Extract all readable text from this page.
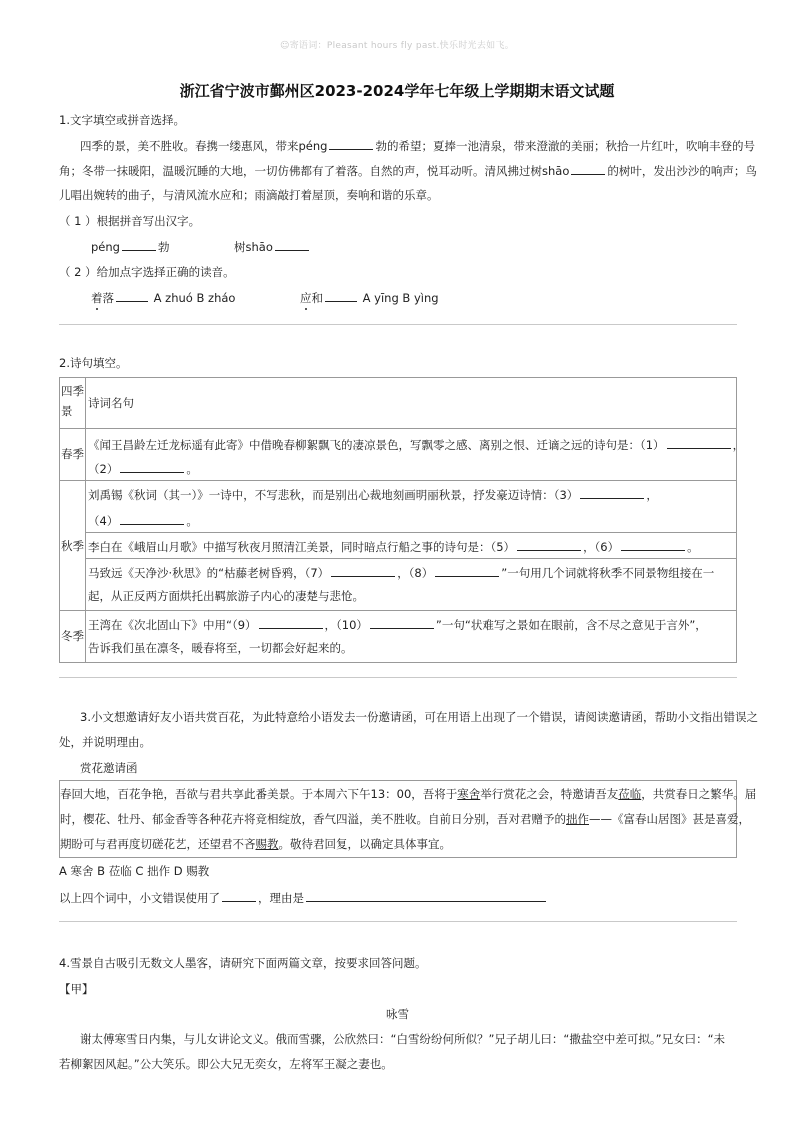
☺寄语词：Pleasant hours fly past.快乐时光去如飞。
浙江省宁波市鄞州区2023-2024学年七年级上学期期末语文试题
1.文字填空或拼音选择。
四季的景，美不胜收。春携一缕惠风，带来péng	勃的希望；夏捧一池清泉，带来澄澈的美丽；秋拾一片红叶，吹响丰登的号
角；冬带一抹暖阳，温暖沉睡的大地，一切仿佛都有了着落。自然的声，悦耳动听。清风拂过树shāo	的树叶，发出沙沙的响声；鸟
儿唱出婉转的曲子，与清风流水应和；雨滴敲打着屋顶，奏响和谐的乐章。
（ 1 ）根据拼音写出汉字。
péng	勃	树shāo
（ 2 ）给加点字选择正确的读音。
着落	A zhuó B zháo	应和	A yīng B yìng
2.诗句填空。
四季
景
诗词名句
春季
《闻王昌龄左迁龙标遥有此寄》中借晚春柳絮飘飞的凄凉景色，写飘零之感、离别之恨、迁谪之远的诗句是：（1）	，
（2）	。
秋季
刘禹锡《秋词（其一）》一诗中，不写悲秋，而是别出心裁地刻画明丽秋景，抒发豪迈诗情：（3）	，
（4）	。
李白在《峨眉山月歌》中描写秋夜月照清江美景，同时暗点行船之事的诗句是：（5）	，（6）	。
马致远《天净沙·秋思》的“枯藤老树昏鸦，（7）	，（8）	”一句用几个词就将秋季不同景物组接在一
起，从正反两方面烘托出羁旅游子内心的凄楚与悲怆。
冬季
王湾在《次北固山下》中用“（9）	，（10）	”一句“状难写之景如在眼前，含不尽之意见于言外”，
告诉我们虽在凛冬，暖春将至，一切都会好起来的。
3.小文想邀请好友小语共赏百花，为此特意给小语发去一份邀请函，可在用语上出现了一个错误，请阅读邀请函，帮助小文指出错误之
处，并说明理由。
赏花邀请函
春回大地，百花争艳，吾欲与君共享此番美景。于本周六下午13：00，吾将于寒舍举行赏花之会，特邀请吾友莅临，共赏春日之繁华。届
时，樱花、牡丹、郁金香等各种花卉将竞相绽放，香气四溢，美不胜收。自前日分别，吾对君赠予的拙作——《富春山居图》甚是喜爱，
期盼可与君再度切磋花艺，还望君不吝赐教。敬待君回复，以确定具体事宜。
A 寒舍 B 莅临 C 拙作 D 赐教
以上四个词中，小文错误使用了	，理由是
4.雪景自古吸引无数文人墨客，请研究下面两篇文章，按要求回答问题。
【甲】
咏雪
谢太傅寒雪日内集，与儿女讲论文义。俄而雪骤，公欣然曰：“白雪纷纷何所似？”兄子胡儿曰：“撒盐空中差可拟。”兄女曰：“未
若柳絮因风起。”公大笑乐。即公大兄无奕女，左将军王凝之妻也。
